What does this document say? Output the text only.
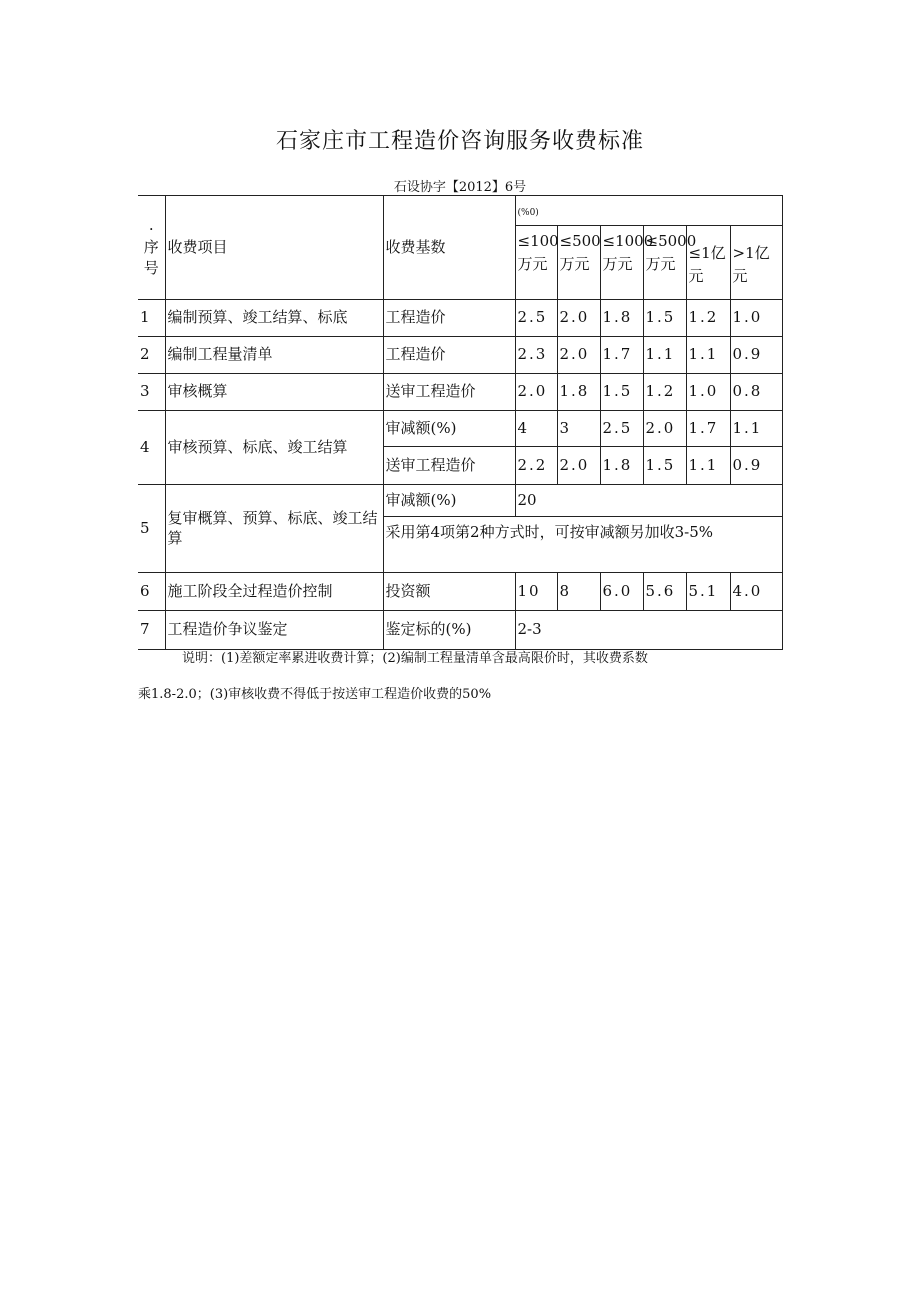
石家庄市工程造价咨询服务收费标准
石设协字【2012】6号
.
序
号	收费项目	收费基数	(%0)					
			≤100万元	≤500万元	≤1000万元	≤5000万元	≤1亿元	>1亿元
1	编制预算、竣工结算、标底	工程造价	2.5	2.0	1.8	1.5	1.2	1.0
2	编制工程量清单	工程造价	2.3	2.0	1.7	1.1	1.1	0.9
3	审核概算	送审工程造价	2.0	1.8	1.5	1.2	1.0	0.8
4	审核预算、标底、竣工结算	审减额(%)	4	3	2.5	2.0	1.7	1.1
		送审工程造价	2.2	2.0	1.8	1.5	1.1	0.9
5	复审概算、预算、标底、竣工结算	审减额(%)	20					
		采用第4项第2种方式时，可按审减额另加收3-5%						
6	施工阶段全过程造价控制	投资额	10	8	6.0	5.6	5.1	4.0
7	工程造价争议鉴定	鉴定标的(%)	2-3					
说明：(1)差额定率累进收费计算；(2)编制工程量清单含最高限价时，其收费系数
乘1.8-2.0；(3)审核收费不得低于按送审工程造价收费的50%
